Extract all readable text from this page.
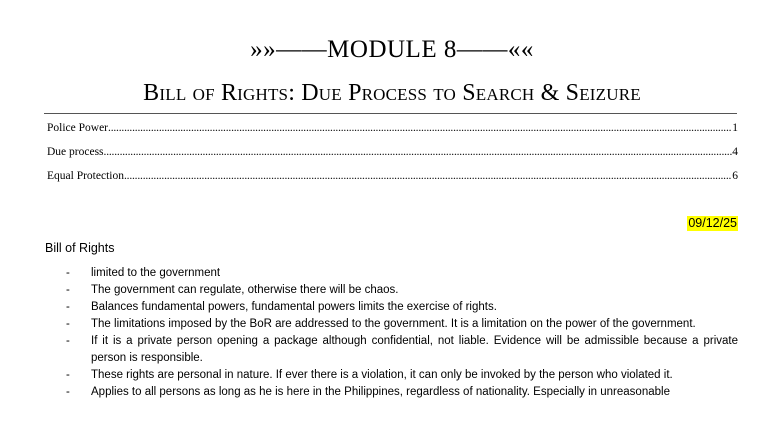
»»——MODULE 8——««
Bill of Rights: Due Process to Search & Seizure
Police Power .....	1
Due process .....	4
Equal Protection .....	6
09/12/25
Bill of Rights
-	limited to the government
-	The government can regulate, otherwise there will be chaos.
-	Balances fundamental powers, fundamental powers limits the exercise of rights.
-	The limitations imposed by the BoR are addressed to the government. It is a limitation on the power of the government.
-	If it is a private person opening a package although confidential, not liable. Evidence will be admissible because a private person is responsible.
-	These rights are personal in nature. If ever there is a violation, it can only be invoked by the person who violated it.
-	Applies to all persons as long as he is here in the Philippines, regardless of nationality. Especially in unreasonable
